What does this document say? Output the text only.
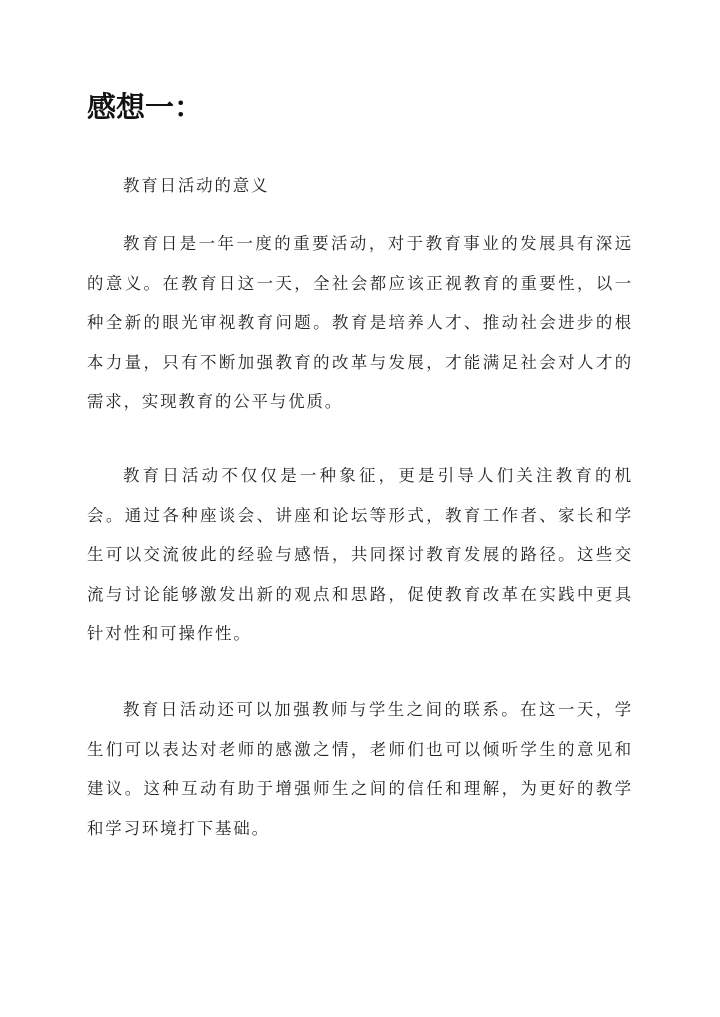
感想一：

教育日活动的意义

教育日是一年一度的重要活动，对于教育事业的发展具有深远的意义。在教育日这一天，全社会都应该正视教育的重要性，以一种全新的眼光审视教育问题。教育是培养人才、推动社会进步的根本力量，只有不断加强教育的改革与发展，才能满足社会对人才的需求，实现教育的公平与优质。

教育日活动不仅仅是一种象征，更是引导人们关注教育的机会。通过各种座谈会、讲座和论坛等形式，教育工作者、家长和学生可以交流彼此的经验与感悟，共同探讨教育发展的路径。这些交流与讨论能够激发出新的观点和思路，促使教育改革在实践中更具针对性和可操作性。

教育日活动还可以加强教师与学生之间的联系。在这一天，学生们可以表达对老师的感激之情，老师们也可以倾听学生的意见和建议。这种互动有助于增强师生之间的信任和理解，为更好的教学和学习环境打下基础。
